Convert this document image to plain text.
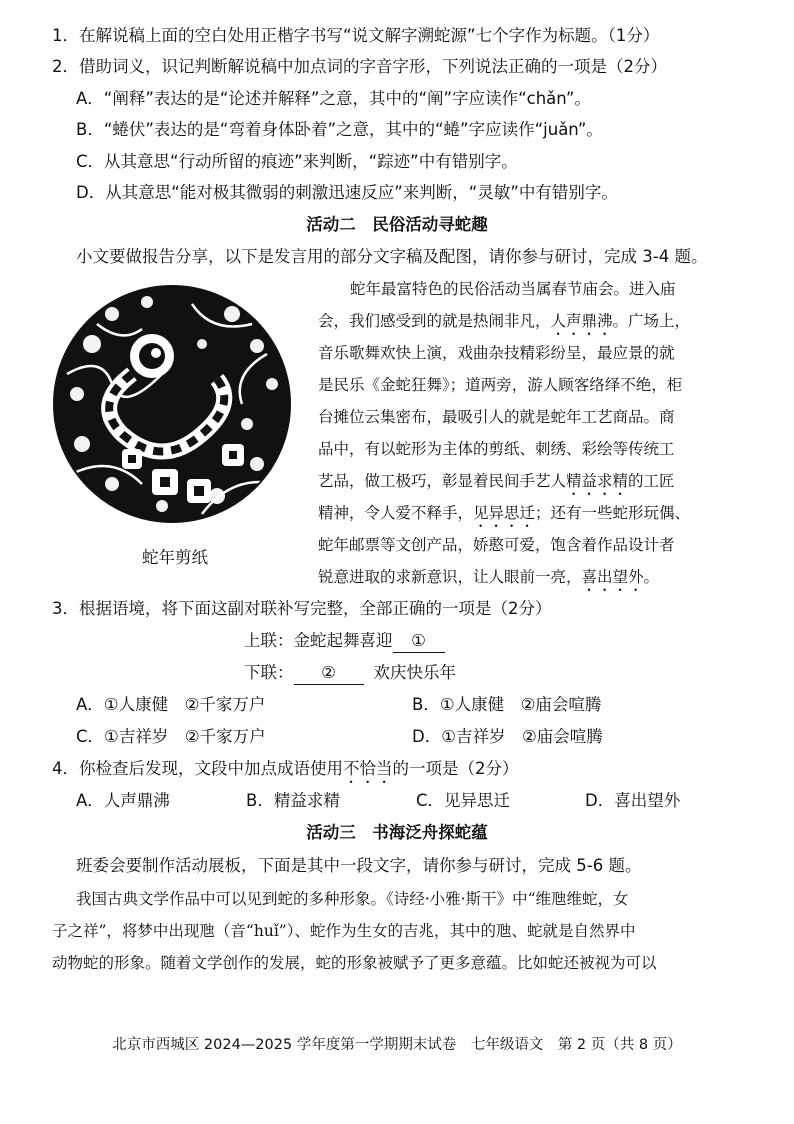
1．在解说稿上面的空白处用正楷字书写“说文解字溯蛇源”七个字作为标题。（1分）
2．借助词义，识记判断解说稿中加点词的字音字形，下列说法正确的一项是（2分）
A．“阐释”表达的是“论述并解释”之意，其中的“阐”字应读作“chǎn”。
B．“蜷伏”表达的是“弯着身体卧着”之意，其中的“蜷”字应读作“juǎn”。
C．从其意思“行动所留的痕迹”来判断，“踪迹”中有错别字。
D．从其意思“能对极其微弱的刺激迅速反应”来判断，“灵敏”中有错别字。
活动二　民俗活动寻蛇趣
小文要做报告分享，以下是发言用的部分文字稿及配图，请你参与研讨，完成 3-4 题。
蛇年剪纸
蛇年最富特色的民俗活动当属春节庙会。进入庙
会，我们感受到的就是热闹非凡，人声鼎沸。广场上，
音乐歌舞欢快上演，戏曲杂技精彩纷呈，最应景的就
是民乐《金蛇狂舞》；道两旁，游人顾客络绎不绝，柜
台摊位云集密布，最吸引人的就是蛇年工艺商品。商
品中，有以蛇形为主体的剪纸、刺绣、彩绘等传统工
艺品，做工极巧，彰显着民间手艺人精益求精的工匠
精神，令人爱不释手，见异思迁；还有一些蛇形玩偶、
蛇年邮票等文创产品，娇憨可爱，饱含着作品设计者
锐意进取的求新意识，让人眼前一亮，喜出望外。
3．根据语境，将下面这副对联补写完整，全部正确的一项是（2分）
上联：金蛇起舞喜迎 ①
下联： ② 欢庆快乐年
A．①人康健　②千家万户	B．①人康健　②庙会喧腾
C．①吉祥岁　②千家万户	D．①吉祥岁　②庙会喧腾
4．你检查后发现，文段中加点成语使用不恰当的一项是（2分）
A．人声鼎沸	B．精益求精	C．见异思迁	D．喜出望外
活动三　书海泛舟探蛇蕴
班委会要制作活动展板，下面是其中一段文字，请你参与研讨，完成 5-6 题。
我国古典文学作品中可以见到蛇的多种形象。《诗经·小雅·斯干》中“维虺维蛇，女
子之祥”，将梦中出现虺（音“huǐ”）、蛇作为生女的吉兆，其中的虺、蛇就是自然界中
动物蛇的形象。随着文学创作的发展，蛇的形象被赋予了更多意蕴。比如蛇还被视为可以
北京市西城区 2024—2025 学年度第一学期期末试卷　七年级语文　第 2 页（共 8 页）
